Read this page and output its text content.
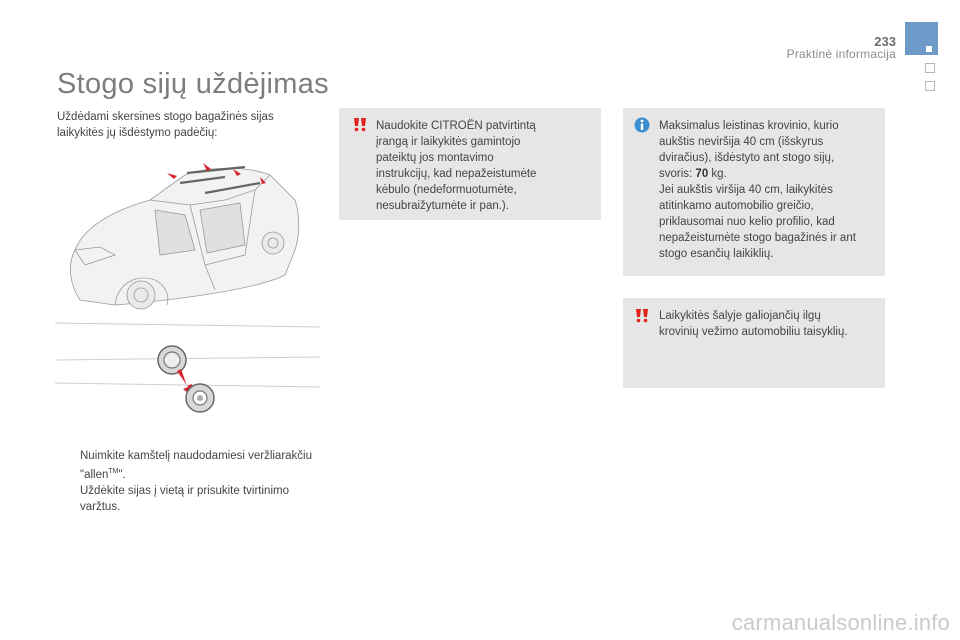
233
Praktinė informacija
Stogo sijų uždėjimas
Uždėdami skersines stogo bagažinės sijas laikykitės jų išdėstymo padėčių:

Nuimkite kamštelį naudodamiesi veržliarakčiu "allen™".

Uždėkite sijas į vietą ir prisukite tvirtinimo varžtus.

Naudokite CITROËN patvirtintą
įrangą ir laikykitės gamintojo
pateiktų jos montavimo
instrukcijų, kad nepažeistumėte
kėbulo (nedeformuotumėte,
nesubraižytumėte ir pan.).
Maksimalus leistinas krovinio, kurio
aukštis neviršija 40 cm (išskyrus
dviračius), išdėstyto ant stogo sijų,
svoris: 70 kg.
Jei aukštis viršija 40 cm, laikykitės
atitinkamo automobilio greičio,
priklausomai nuo kelio profilio, kad
nepažeistumėte stogo bagažinės ir ant
stogo esančių laikiklių.
Laikykitės šalyje galiojančių ilgų
krovinių vežimo automobiliu taisyklių.
carmanualsonline.info
